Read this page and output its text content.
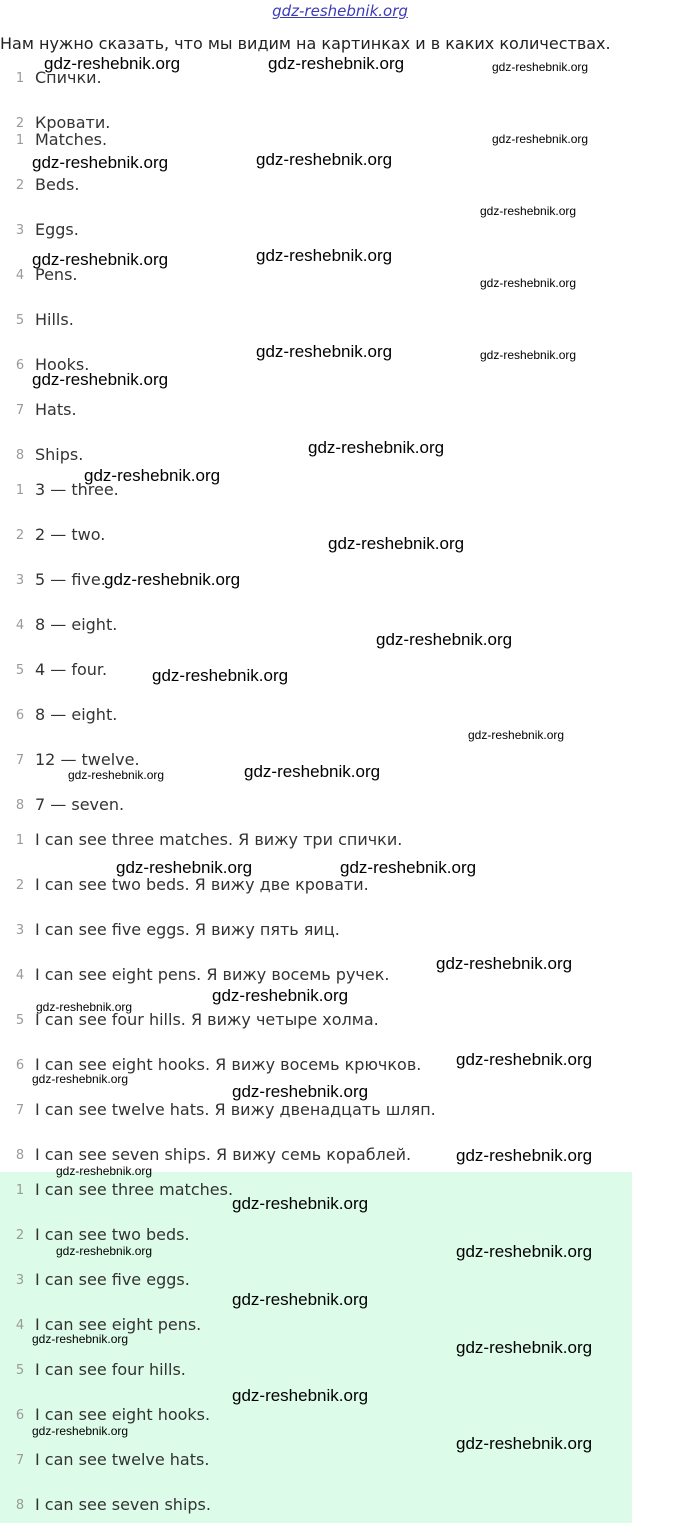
gdz-reshebnik.org
Нам нужно сказать, что мы видим на картинках и в каких количествах.
1 Спички.
2 Кровати.
1 Matches.
2 Beds.
3 Eggs.
4 Pens.
5 Hills.
6 Hooks.
7 Hats.
8 Ships.
1 3 — three.
2 2 — two.
3 5 — five.
4 8 — eight.
5 4 — four.
6 8 — eight.
7 12 — twelve.
8 7 — seven.
1 I can see three matches. Я вижу три спички.
2 I can see two beds. Я вижу две кровати.
3 I can see five eggs. Я вижу пять яиц.
4 I can see eight pens. Я вижу восемь ручек.
5 I can see four hills. Я вижу четыре холма.
6 I can see eight hooks. Я вижу восемь крючков.
7 I can see twelve hats. Я вижу двенадцать шляп.
8 I can see seven ships. Я вижу семь кораблей.
1 I can see three matches.
2 I can see two beds.
3 I can see five eggs.
4 I can see eight pens.
5 I can see four hills.
6 I can see eight hooks.
7 I can see twelve hats.
8 I can see seven ships.
gdz-reshebnik.org	gdz-reshebnik.org	gdz-reshebnik.org
gdz-reshebnik.org
gdz-reshebnik.org	gdz-reshebnik.org
gdz-reshebnik.org
gdz-reshebnik.org	gdz-reshebnik.org
gdz-reshebnik.org
gdz-reshebnik.org	gdz-reshebnik.org
gdz-reshebnik.org
gdz-reshebnik.org
gdz-reshebnik.org
gdz-reshebnik.org
gdz-reshebnik.org
gdz-reshebnik.org
gdz-reshebnik.org
gdz-reshebnik.org
gdz-reshebnik.org
gdz-reshebnik.org
gdz-reshebnik.org	gdz-reshebnik.org
gdz-reshebnik.org
gdz-reshebnik.org
gdz-reshebnik.org
gdz-reshebnik.org
gdz-reshebnik.org
gdz-reshebnik.org
gdz-reshebnik.org
gdz-reshebnik.org
gdz-reshebnik.org
gdz-reshebnik.org	gdz-reshebnik.org
gdz-reshebnik.org
gdz-reshebnik.org	gdz-reshebnik.org
gdz-reshebnik.org
gdz-reshebnik.org
gdz-reshebnik.org
